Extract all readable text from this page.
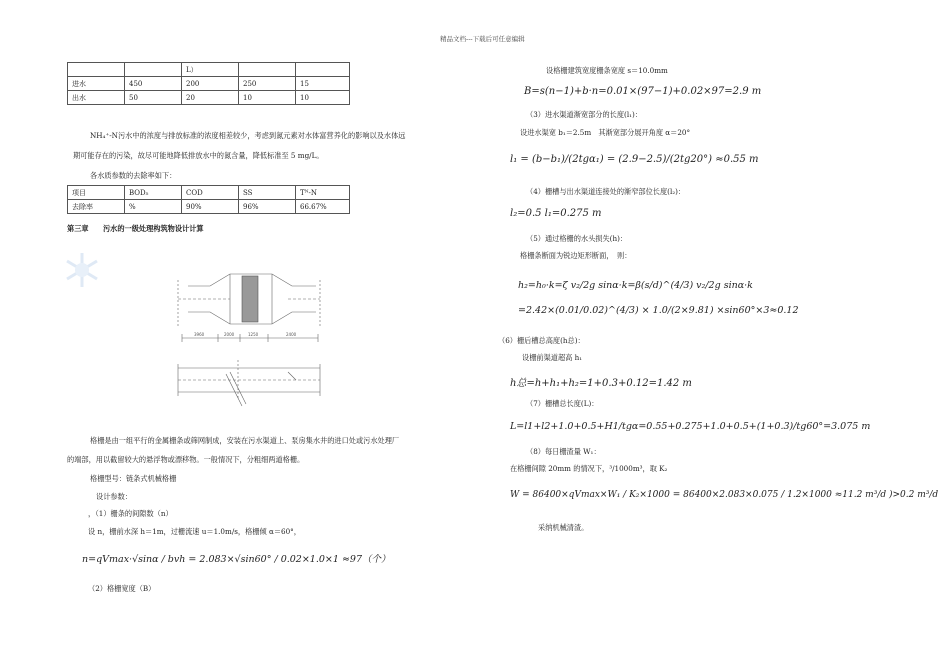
精品文档---下载后可任意编辑
		L）		
进水	450	200	250	15
出水	50	20	10	10
NH₄⁺-N污水中的浓度与排放标准的浓度相差较少，考虑到氮元素对水体富营养化的影响以及水体远
期可能存在的污染，故尽可能地降低排放水中的氮含量，降低标准至 5 mg/L。
各水质参数的去除率如下：
项目	BOD₅	COD	SS	Tᴺ-N
去除率	%	90%	96%	66.67%
第三章　　污水的一级处理构筑物设计计算
3960	2000	1250	2400
格栅是由一组平行的金属栅条或筛网制成，安装在污水渠道上、泵房集水井的进口处或污水处理厂
的端部，用以截留较大的悬浮物或漂移物。一般情况下，分粗细两道格栅。
格栅型号：链条式机械格栅
设计参数：
，（1）栅条的间隙数（n）
设 n，栅前水深 h＝1m，过栅流速 u＝1.0m/s，格栅倾 α＝60°，
n=qVmax·√sinα / bvh = 2.083×√sin60° / 0.02×1.0×1 ≈97（个）
（2）格栅宽度（B）
设格栅建筑宽度栅条宽度 s＝10.0mm
B=s(n−1)+b·n=0.01×(97−1)+0.02×97=2.9 m
（3）进水渠道渐宽部分的长度(l₁)：
设进水渠宽 b₁＝2.5m　其渐宽部分展开角度 α＝20°
l₁ = (b−b₁)/(2tgα₁) = (2.9−2.5)/(2tg20°) ≈0.55 m
（4）栅槽与出水渠道连接处的渐窄部位长度(l₂)：
l₂=0.5 l₁=0.275 m
（5）通过格栅的水头损失(h)：
格栅条断面为锐边矩形断面，　则：
h₂=h₀·k=ζ v₂/2g sinα·k=β(s/d)^(4/3) v₂/2g sinα·k
=2.42×(0.01/0.02)^(4/3) × 1.0/(2×9.81) ×sin60°×3≈0.12
（6）栅后槽总高度(h总)：
设栅前渠道超高 h₁
h总=h+h₁+h₂=1+0.3+0.12=1.42 m
（7）栅槽总长度(L)：
L=l1+l2+1.0+0.5+H1/tgα=0.55+0.275+1.0+0.5+(1+0.3)/tg60°=3.075 m
（8）每日栅渣量 W₁：
在格栅间隙 20mm 的情况下，³/1000m³，取 K₂
W = 86400×qVmax×W₁ / K₂×1000 = 86400×2.083×0.075 / 1.2×1000 ≈11.2 m³/d )>0.2 m³/d
采纳机械清渣。
